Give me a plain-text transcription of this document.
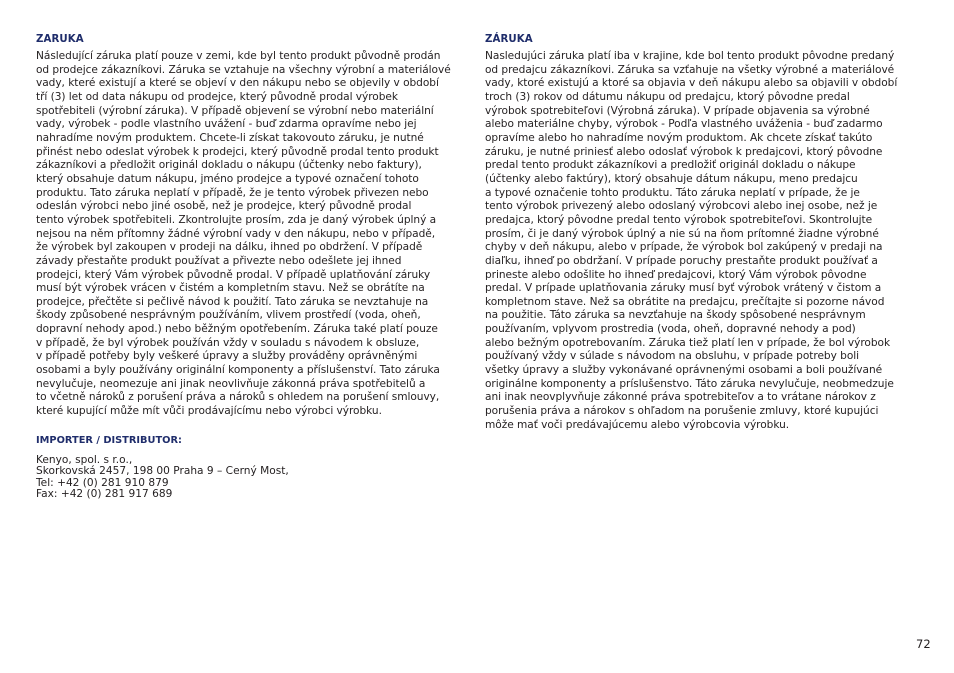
ZARUKA

Následující záruka platí pouze v zemi, kde byl tento produkt původně prodán
od prodejce zákazníkovi. Záruka se vztahuje na všechny výrobní a materiálové
vady, které existují a které se objeví v den nákupu nebo se objevily v období
tří (3) let od data nákupu od prodejce, který původně prodal výrobek
spotřebiteli (výrobní záruka). V případě objevení se výrobní nebo materiální
vady, výrobek - podle vlastního uvážení - buď zdarma opravíme nebo jej
nahradíme novým produktem. Chcete-li získat takovouto záruku, je nutné
přinést nebo odeslat výrobek k prodejci, který původně prodal tento produkt
zákazníkovi a předložit originál dokladu o nákupu (účtenky nebo faktury),
který obsahuje datum nákupu, jméno prodejce a typové označení tohoto
produktu. Tato záruka neplatí v případě, že je tento výrobek přivezen nebo
odeslán výrobci nebo jiné osobě, než je prodejce, který původně prodal
tento výrobek spotřebiteli. Zkontrolujte prosím, zda je daný výrobek úplný a
nejsou na něm přítomny žádné výrobní vady v den nákupu, nebo v případě,
že výrobek byl zakoupen v prodeji na dálku, ihned po obdržení. V případě
závady přestaňte produkt používat a přivezte nebo odešlete jej ihned
prodejci, který Vám výrobek původně prodal. V případě uplatňování záruky
musí být výrobek vrácen v čistém a kompletním stavu. Než se obrátíte na
prodejce, přečtěte si pečlivě návod k použití. Tato záruka se nevztahuje na
škody způsobené nesprávným používáním, vlivem prostředí (voda, oheň,
dopravní nehody apod.) nebo běžným opotřebením. Záruka také platí pouze
v případě, že byl výrobek používán vždy v souladu s návodem k obsluze,
v případě potřeby byly veškeré úpravy a služby prováděny oprávněnými
osobami a byly používány originální komponenty a příslušenství. Tato záruka
nevylučuje, neomezuje ani jinak neovlivňuje zákonná práva spotřebitelů a
to včetně nároků z porušení práva a nároků s ohledem na porušení smlouvy,
které kupující může mít vůči prodávajícímu nebo výrobci výrobku.

IMPORTER / DISTRIBUTOR:

Kenyo, spol. s r.o.,
Skorkovská 2457, 198 00 Praha 9 – Cerný Most,
Tel: +42 (0) 281 910 879
Fax: +42 (0) 281 917 689

ZÁRUKA

Nasledujúci záruka platí iba v krajine, kde bol tento produkt pôvodne predaný
od predajcu zákazníkovi. Záruka sa vzťahuje na všetky výrobné a materiálové
vady, ktoré existujú a ktoré sa objavia v deň nákupu alebo sa objavili v období
troch (3) rokov od dátumu nákupu od predajcu, ktorý pôvodne predal
výrobok spotrebiteľovi (Výrobná záruka). V prípade objavenia sa výrobné
alebo materiálne chyby, výrobok - Podľa vlastného uváženia - buď zadarmo
opravíme alebo ho nahradíme novým produktom. Ak chcete získať takúto
záruku, je nutné priniesť alebo odoslať výrobok k predajcovi, ktorý pôvodne
predal tento produkt zákazníkovi a predložiť originál dokladu o nákupe
(účtenky alebo faktúry), ktorý obsahuje dátum nákupu, meno predajcu
a typové označenie tohto produktu. Táto záruka neplatí v prípade, že je
tento výrobok privezený alebo odoslaný výrobcovi alebo inej osobe, než je
predajca, ktorý pôvodne predal tento výrobok spotrebiteľovi. Skontrolujte
prosím, či je daný výrobok úplný a nie sú na ňom prítomné žiadne výrobné
chyby v deň nákupu, alebo v prípade, že výrobok bol zakúpený v predaji na
diaľku, ihneď po obdržaní. V prípade poruchy prestaňte produkt používať a
prineste alebo odošlite ho ihneď predajcovi, ktorý Vám výrobok pôvodne
predal. V prípade uplatňovania záruky musí byť výrobok vrátený v čistom a
kompletnom stave. Než sa obrátite na predajcu, prečítajte si pozorne návod
na použitie. Táto záruka sa nevzťahuje na škody spôsobené nesprávnym
používaním, vplyvom prostredia (voda, oheň, dopravné nehody a pod)
alebo bežným opotrebovaním. Záruka tiež platí len v prípade, že bol výrobok
používaný vždy v súlade s návodom na obsluhu, v prípade potreby boli
všetky úpravy a služby vykonávané oprávnenými osobami a boli používané
originálne komponenty a príslušenstvo. Táto záruka nevylučuje, neobmedzuje
ani inak neovplyvňuje zákonné práva spotrebiteľov a to vrátane nárokov z
porušenia práva a nárokov s ohľadom na porušenie zmluvy, ktoré kupujúci
môže mať voči predávajúcemu alebo výrobcovia výrobku.

72
